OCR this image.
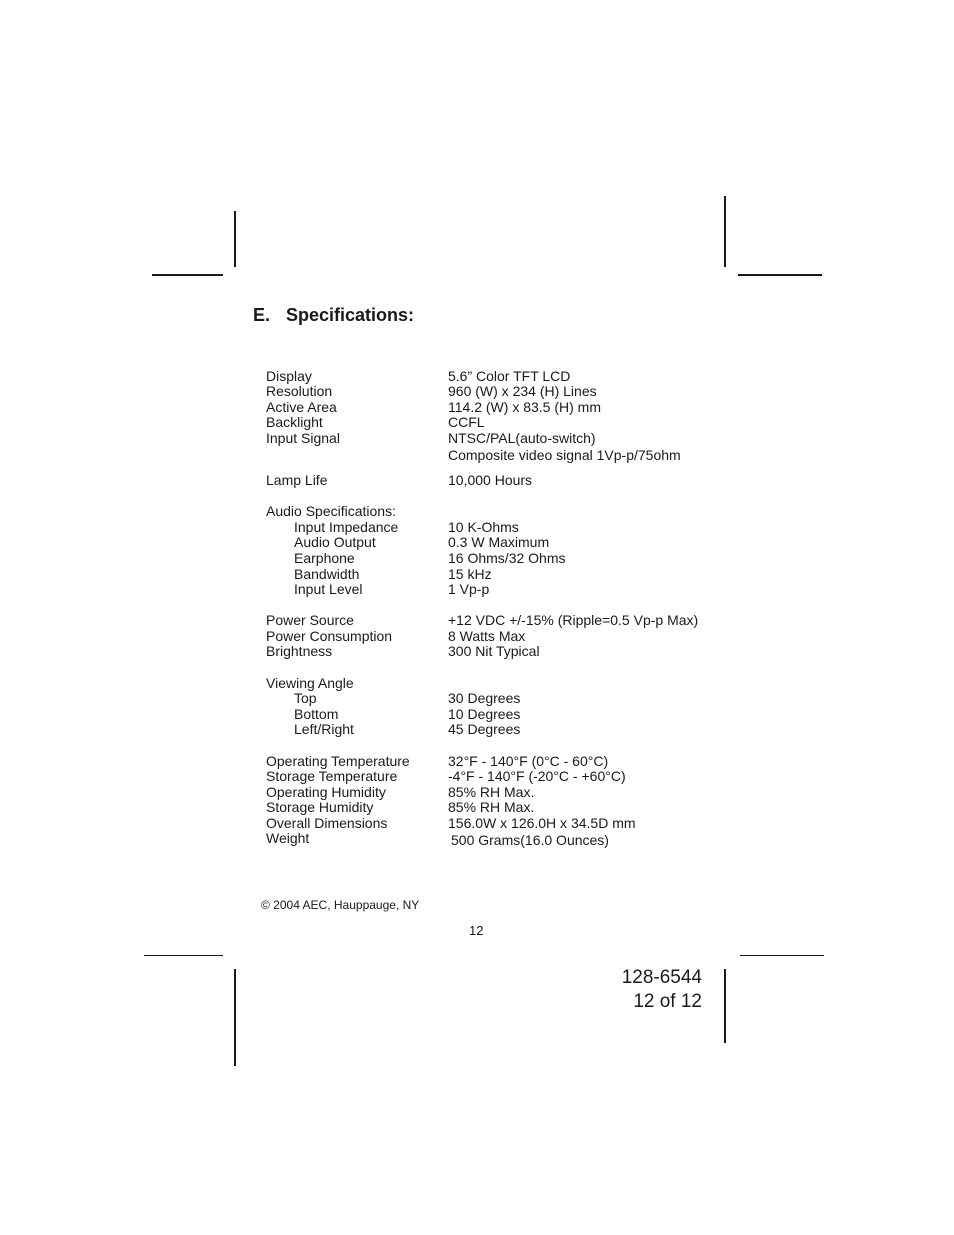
E. Specifications:
Display
Resolution
Active Area
Backlight
Input Signal
Lamp Life
Audio Specifications:
Input Impedance
Audio Output
Earphone
Bandwidth
Input Level
Power Source
Power Consumption
Brightness
Viewing Angle
Top
Bottom
Left/Right
Operating Temperature
Storage Temperature
Operating Humidity
Storage Humidity
Overall Dimensions
Weight
5.6” Color TFT LCD
960 (W) x 234 (H) Lines
114.2 (W) x 83.5 (H) mm
CCFL
NTSC/PAL(auto-switch)
Composite video signal 1Vp-p/75ohm
10,000 Hours
10 K-Ohms
0.3 W Maximum
16 Ohms/32 Ohms
15 kHz
1 Vp-p
+12 VDC +/-15% (Ripple=0.5 Vp-p Max)
8 Watts Max
300 Nit Typical
30 Degrees
10 Degrees
45 Degrees
32°F - 140°F (0°C - 60°C)
-4°F - 140°F (-20°C - +60°C)
85% RH Max.
85% RH Max.
156.0W x 126.0H x 34.5D mm
500 Grams(16.0 Ounces)
© 2004 AEC, Hauppauge, NY
12
128-6544
12 of 12
